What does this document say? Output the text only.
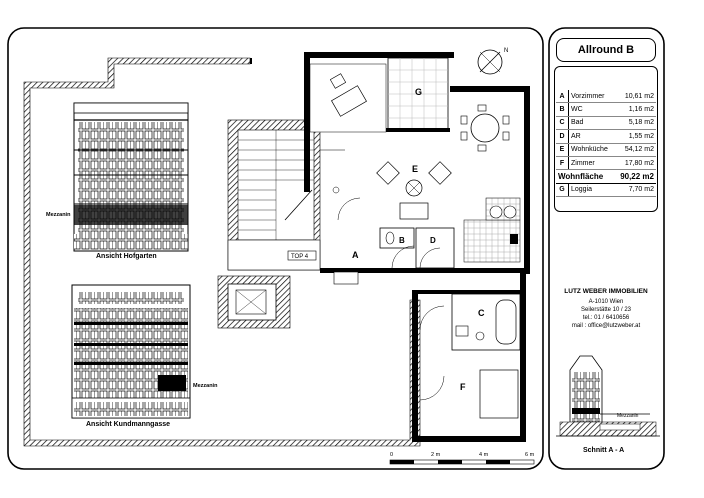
Mezzanin
Ansicht Hofgarten
Mezzanin
Ansicht Kundmanngasse
G
E
B	D
A
TOP 4
C
F
N
0	2 m	4 m	6 m
Mezzanin
Schnitt A - A
Allround B
A	Vorzimmer	10,61 m2
B	WC	1,16 m2
C	Bad	5,18 m2
D	AR	1,55 m2
E	Wohnküche	54,12 m2
F	Zimmer	17,80 m2
Wohnfläche		90,22 m2
G	Loggia	7,70 m2
LUTZ WEBER IMMOBILIEN
A-1010 Wien
Seilerstätte 10 / 23
tel.: 01 / 6410656
mail : office@lutzweber.at
